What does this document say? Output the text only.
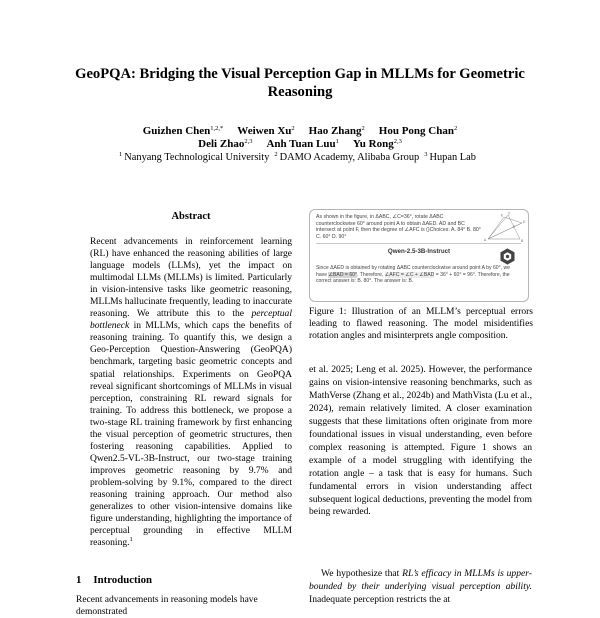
GeoPQA: Bridging the Visual Perception Gap in MLLMs for Geometric
Reasoning
Guizhen Chen$^{1,2,*}$ Weiwen Xu$^2$ Hao Zhang$^2$ Hou Pong Chan$^2$
Deli Zhao$^{2,3}$ Anh Tuan Luu$^1$ Yu Rong$^{2,3}$
$^1$ Nanyang Technological University $^2$ DAMO Academy, Alibaba Group $^3$ Hupan Lab
Abstract
Recent advancements in reinforcement learning (RL) have enhanced the reasoning abilities of large language models (LLMs), yet the impact on multimodal LLMs (MLLMs) is limited. Particularly in vision-intensive tasks like geometric reasoning, MLLMs hallucinate frequently, leading to inaccurate reasoning. We attribute this to the perceptual bottleneck in MLLMs, which caps the benefits of reasoning training. To quantify this, we design a Geo-Perception Question-Answering (GeoPQA) benchmark, targeting basic geometric concepts and spatial relationships. Experiments on GeoPQA reveal significant shortcomings of MLLMs in visual perception, constraining RL reward signals for training. To address this bottleneck, we propose a two-stage RL training framework by first enhancing the visual perception of geometric structures, then fostering reasoning capabilities. Applied to Qwen2.5-VL-3B-Instruct, our two-stage training improves geometric reasoning by 9.7% and problem-solving by 9.1%, compared to the direct reasoning training approach. Our method also generalizes to other vision-intensive domains like figure understanding, highlighting the importance of perceptual grounding in effective MLLM reasoning.$^1$
1 Introduction
Recent advancements in reasoning models have demonstrated
As shown in the figure, in ΔABC, ∠C=36°, rotate ΔABC counterclockwise 60° around point A to obtain ΔAED. AD and BC intersect at point F, then the degree of ∠AFC is ()Choices: A. 84° B. 80° C. 60° D. 90°
A	B
C
D
E
F
Qwen-2.5-3B-Instruct
Since ΔAED is obtained by rotating ΔABC counterclockwise around point A by 60°, we have ∠BAD = 60°. Therefore, ∠AFC = ∠C + ∠BAD = 36° + 60° = 96°. Therefore, the correct answer is: B. 80°. The answer is: B.
Figure 1: Illustration of an MLLM’s perceptual errors leading to flawed reasoning. The model misidentifies rotation angles and misinterprets angle composition.
et al. 2025; Leng et al. 2025). However, the performance gains on vision-intensive reasoning benchmarks, such as MathVerse (Zhang et al., 2024b) and MathVista (Lu et al., 2024), remain relatively limited. A closer examination suggests that these limitations often originate from more foundational issues in visual understanding, even before complex reasoning is attempted. Figure 1 shows an example of a model struggling with identifying the rotation angle – a task that is easy for humans. Such fundamental errors in vision understanding affect subsequent logical deductions, preventing the model from being rewarded.
We hypothesize that RL’s efficacy in MLLMs is upper-bounded by their underlying visual perception ability. Inadequate perception restricts the at
